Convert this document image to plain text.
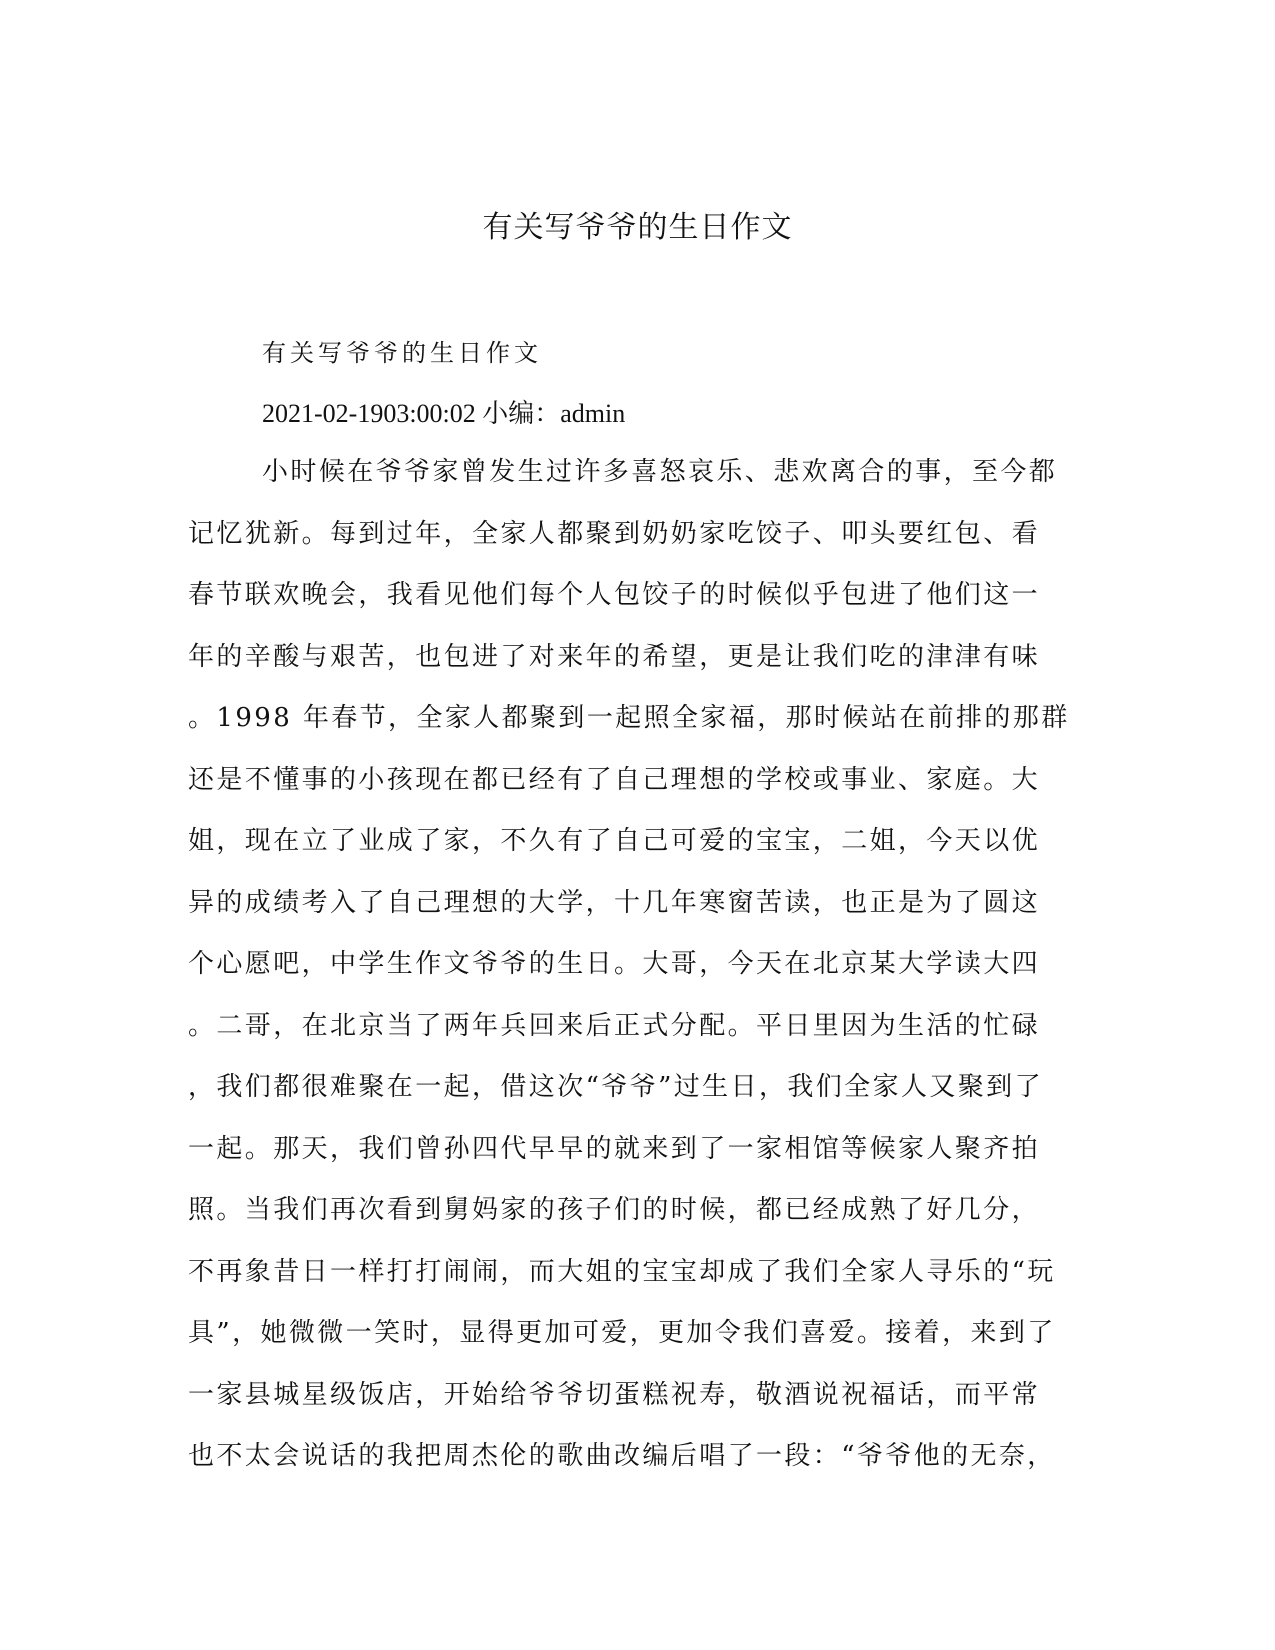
有关写爷爷的生日作文

有关写爷爷的生日作文

2021-02-1903:00:02 小编：admin

小时候在爷爷家曾发生过许多喜怒哀乐、悲欢离合的事，至今都
记忆犹新。每到过年，全家人都聚到奶奶家吃饺子、叩头要红包、看
春节联欢晚会，我看见他们每个人包饺子的时候似乎包进了他们这一
年的辛酸与艰苦，也包进了对来年的希望，更是让我们吃的津津有味
。1998 年春节，全家人都聚到一起照全家福，那时候站在前排的那群
还是不懂事的小孩现在都已经有了自己理想的学校或事业、家庭。大
姐，现在立了业成了家，不久有了自己可爱的宝宝，二姐，今天以优
异的成绩考入了自己理想的大学，十几年寒窗苦读，也正是为了圆这
个心愿吧，中学生作文爷爷的生日。大哥，今天在北京某大学读大四
。二哥，在北京当了两年兵回来后正式分配。平日里因为生活的忙碌
，我们都很难聚在一起，借这次“爷爷”过生日，我们全家人又聚到了
一起。那天，我们曾孙四代早早的就来到了一家相馆等候家人聚齐拍
照。当我们再次看到舅妈家的孩子们的时候，都已经成熟了好几分，
不再象昔日一样打打闹闹，而大姐的宝宝却成了我们全家人寻乐的“玩
具”，她微微一笑时，显得更加可爱，更加令我们喜爱。接着，来到了
一家县城星级饭店，开始给爷爷切蛋糕祝寿，敬酒说祝福话，而平常
也不太会说话的我把周杰伦的歌曲改编后唱了一段：“爷爷他的无奈，
